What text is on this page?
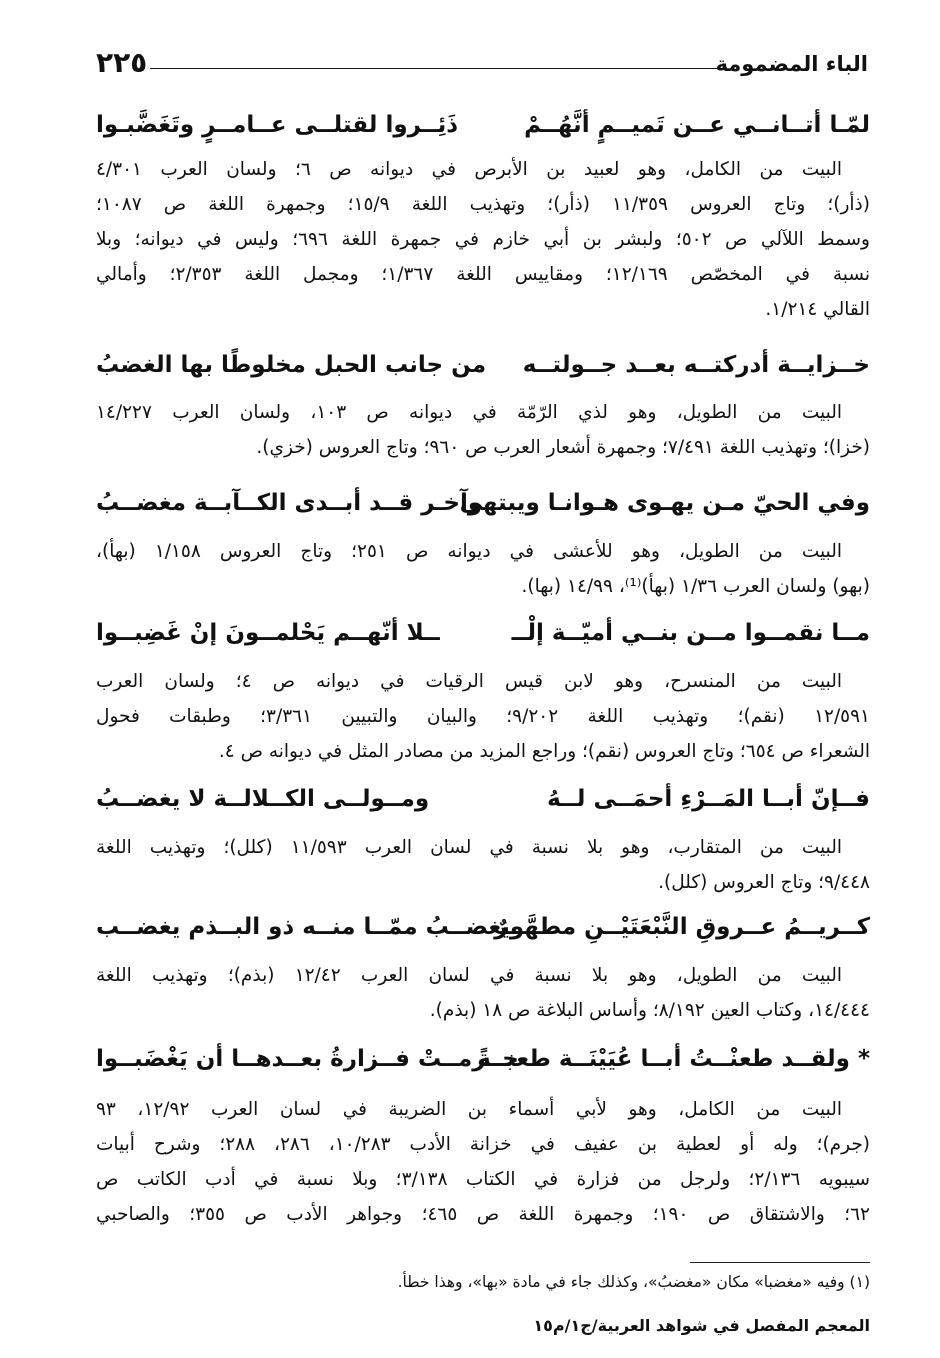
الباء المضمومة
٢٢٥
لمّـا أتــانــي عــن تَميــمٍ أنَّهُــمْ
ذَئِــروا لقتلــى عــامــرٍ وتَغَضَّبـوا
البيت من الكامل، وهو لعبيد بن الأبرص في ديوانه ص ٦؛ ولسان العرب ٤/٣٠١
(ذأر)؛ وتاج العروس ١١/٣٥٩ (ذأر)؛ وتهذيب اللغة ١٥/٩؛ وجمهرة اللغة ص ١٠٨٧؛
وسمط اللآلي ص ٥٠٢؛ ولبشر بن أبي خازم في جمهرة اللغة ٦٩٦؛ وليس في ديوانه؛ وبلا
نسبة في المخصّص ١٢/١٦٩؛ ومقاييس اللغة ١/٣٦٧؛ ومجمل اللغة ٢/٣٥٣؛ وأمالي
القالي ١/٢١٤.
خــزايــة أدركتــه بعــد جــولتــه
من جانب الحبل مخلوطًا بها الغضبُ
البيت من الطويل، وهو لذي الرّمّة في ديوانه ص ١٠٣، ولسان العرب ١٤/٢٢٧
(خزا)؛ وتهذيب اللغة ٧/٤٩١؛ وجمهرة أشعار العرب ص ٩٦٠؛ وتاج العروس (خزي).
وفي الحيّ مـن يهـوى هـوانـا ويبتهي
وآخـر قــد أبــدى الكــآبــة مغضــبُ
البيت من الطويل، وهو للأعشى في ديوانه ص ٢٥١؛ وتاج العروس ١/١٥٨ (بهأ)،
(بهو) ولسان العرب ١/٣٦ (بهأ)⁽¹⁾، ١٤/٩٩ (بها).
مــا نقمــوا مــن بنــي أميّــة إلْــ
ــلا أنّهــم يَحْلمــونَ إنْ غَضِبــوا
البيت من المنسرح، وهو لابن قيس الرقيات في ديوانه ص ٤؛ ولسان العرب
١٢/٥٩١ (نقم)؛ وتهذيب اللغة ٩/٢٠٢؛ والبيان والتبيين ٣/٣٦١؛ وطبقات فحول
الشعراء ص ٦٥٤؛ وتاج العروس (نقم)؛ وراجع المزيد من مصادر المثل في ديوانه ص ٤.
فــإنّ أبــا المَــرْءِ أحمَــى لــهُ
ومــولــى الكــلالــة لا يغضــبُ
البيت من المتقارب، وهو بلا نسبة في لسان العرب ١١/٥٩٣ (كلل)؛ وتهذيب اللغة
٩/٤٤٨؛ وتاج العروس (كلل).
كــريــمُ عــروقِ النَّبْعَتَيْــنِ مطهَّــرٌ
ويغضــبُ ممّــا منــه ذو البــذم يغضــب
البيت من الطويل، وهو بلا نسبة في لسان العرب ١٢/٤٢ (بذم)؛ وتهذيب اللغة
١٤/٤٤٤، وكتاب العين ٨/١٩٢؛ وأساس البلاغة ص ١٨ (بذم).
* ولقــد طعنْــتُ أبــا عُيَيْنَــة طعنــةً
جــرمــتْ فــزارةُ بعــدهــا أن يَغْضَبــوا
البيت من الكامل، وهو لأبي أسماء بن الضريبة في لسان العرب ١٢/٩٢، ٩٣
(جرم)؛ وله أو لعطية بن عفيف في خزانة الأدب ١٠/٢٨٣، ٢٨٦، ٢٨٨؛ وشرح أبيات
سيبويه ٢/١٣٦؛ ولرجل من فزارة في الكتاب ٣/١٣٨؛ وبلا نسبة في أدب الكاتب ص
٦٢؛ والاشتقاق ص ١٩٠؛ وجمهرة اللغة ص ٤٦٥؛ وجواهر الأدب ص ٣٥٥؛ والصاحبي
(١) وفيه «مغضبا» مكان «مغضبُ»، وكذلك جاء في مادة «بها»، وهذا خطأ.
المعجم المفصل في شواهد العربية/ج١/م١٥
